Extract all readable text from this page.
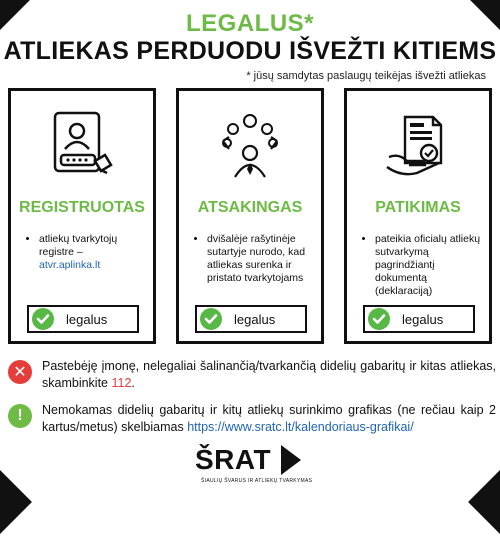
LEGALUS*
ATLIEKAS PERDUODU IŠVEŽTI KITIEMS
* jūsų samdytas paslaugų teikėjas išvežti atliekas
REGISTRUOTAS
• atliekų tvarkytojų registre –
atvr.aplinka.lt
legalus
ATSAKINGAS
• dvišalėje rašytinėje sutartyje nurodo, kad atliekas surenka ir pristato tvarkytojams
legalus
PATIKIMAS
• pateikia oficialų atliekų sutvarkymą pagrindžiantį dokumentą (deklaraciją)
legalus
✕	Pastebėję įmonę, nelegaliai šalinančią/tvarkančią didelių gabaritų ir kitas atliekas, skambinkite 112.
!	Nemokamas didelių gabaritų ir kitų atliekų surinkimo grafikas (ne rečiau kaip 2 kartus/metus) skelbiamas https://www.sratc.lt/kalendoriaus-grafikai/
ŠRAT
ŠIAULIŲ ŠVARUS IR ATLIEKŲ TVARKYMAS
